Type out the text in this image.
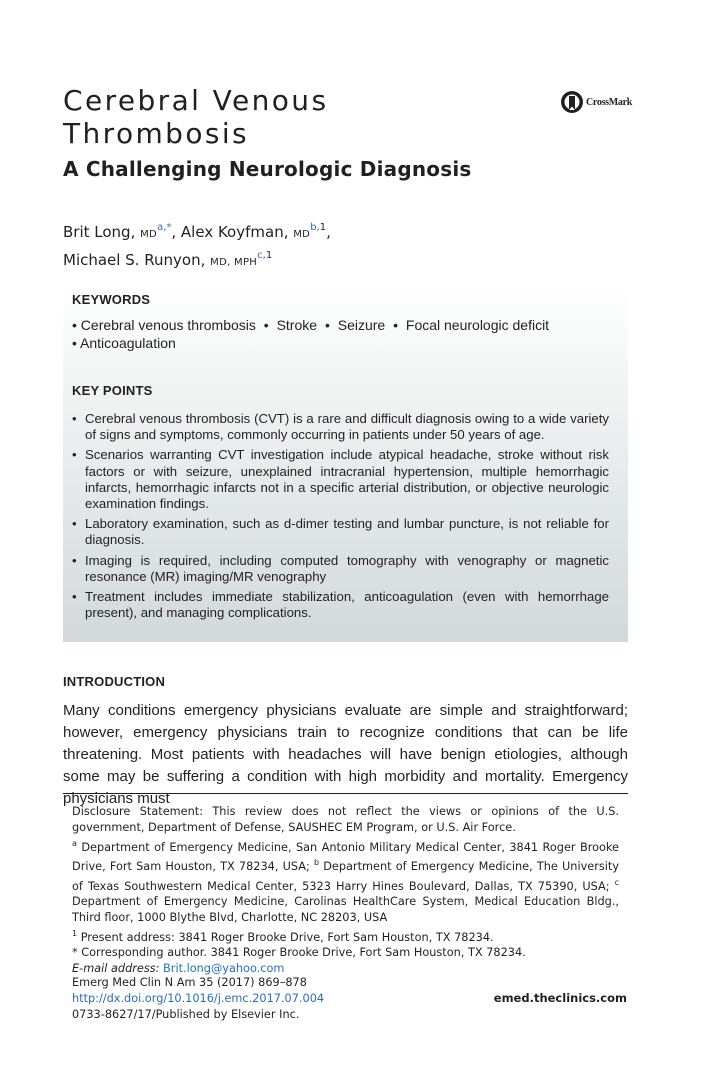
Cerebral Venous
Thrombosis
CrossMark
A Challenging Neurologic Diagnosis
Brit Long, $MD^{a,*}$, Alex Koyfman, MD$^{b,1}$,
Michael S. Runyon, MD, MPH$^{c,1}$
KEYWORDS
• Cerebral venous thrombosis • Stroke • Seizure • Focal neurologic deficit
• Anticoagulation
KEY POINTS
• Cerebral venous thrombosis (CVT) is a rare and difficult diagnosis owing to a wide variety of signs and symptoms, commonly occurring in patients under 50 years of age.
• Scenarios warranting CVT investigation include atypical headache, stroke without risk factors or with seizure, unexplained intracranial hypertension, multiple hemorrhagic infarcts, hemorrhagic infarcts not in a specific arterial distribution, or objective neurologic examination findings.
• Laboratory examination, such as d-dimer testing and lumbar puncture, is not reliable for diagnosis.
• Imaging is required, including computed tomography with venography or magnetic resonance (MR) imaging/MR venography
• Treatment includes immediate stabilization, anticoagulation (even with hemorrhage present), and managing complications.
INTRODUCTION

Many conditions emergency physicians evaluate are simple and straightforward; however, emergency physicians train to recognize conditions that can be life threatening. Most patients with headaches will have benign etiologies, although some may be suffering a condition with high morbidity and mortality. Emergency physicians must

Disclosure Statement: This review does not reflect the views or opinions of the U.S. government, Department of Defense, SAUSHEC EM Program, or U.S. Air Force.

$^a$ Department of Emergency Medicine, San Antonio Military Medical Center, 3841 Roger Brooke Drive, Fort Sam Houston, TX 78234, USA; $^b$ Department of Emergency Medicine, The University of Texas Southwestern Medical Center, 5323 Harry Hines Boulevard, Dallas, TX 75390, USA; $^c$ Department of Emergency Medicine, Carolinas HealthCare System, Medical Education Bldg., Third floor, 1000 Blythe Blvd, Charlotte, NC 28203, USA

$^1$ Present address: 3841 Roger Brooke Drive, Fort Sam Houston, TX 78234.

* Corresponding author. 3841 Roger Brooke Drive, Fort Sam Houston, TX 78234.

E-mail address: Brit.long@yahoo.com

Emerg Med Clin N Am 35 (2017) 869–878
http://dx.doi.org/10.1016/j.emc.2017.07.004
0733-8627/17/Published by Elsevier Inc.
emed.theclinics.com
